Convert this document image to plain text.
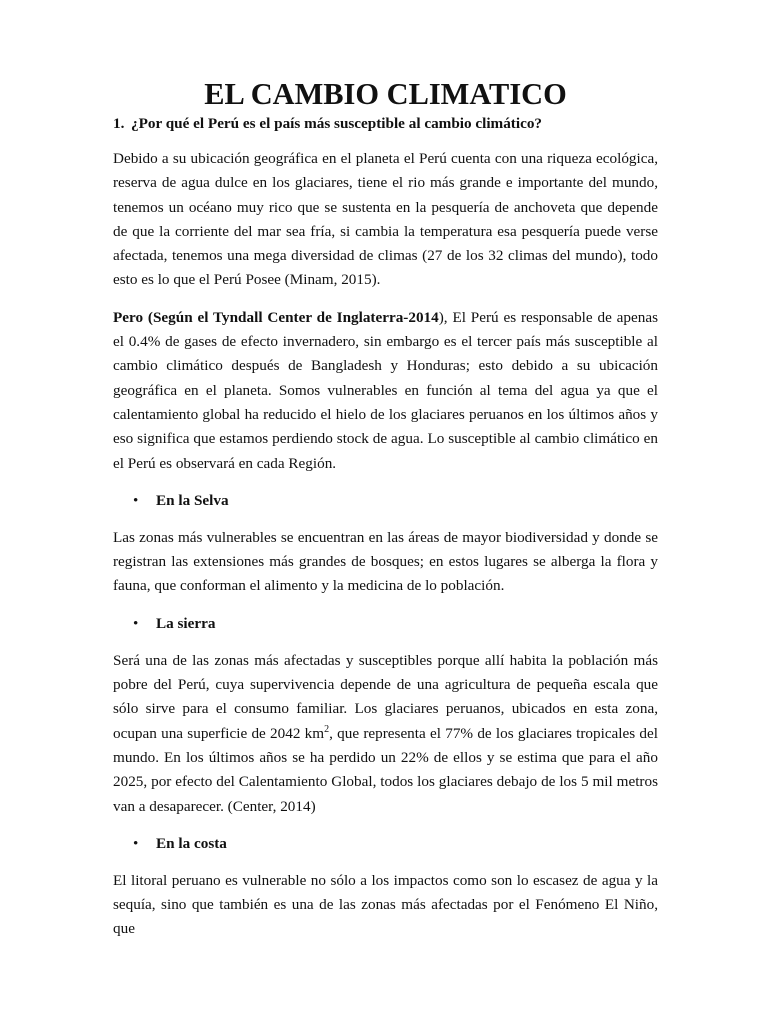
EL CAMBIO CLIMATICO

1. ¿Por qué el Perú es el país más susceptible al cambio climático?

Debido a su ubicación geográfica en el planeta el Perú cuenta con una riqueza ecológica, reserva de agua dulce en los glaciares, tiene el rio más grande e importante del mundo, tenemos un océano muy rico que se sustenta en la pesquería de anchoveta que depende de que la corriente del mar sea fría, si cambia la temperatura esa pesquería puede verse afectada, tenemos una mega diversidad de climas (27 de los 32 climas del mundo), todo esto es lo que el Perú Posee (Minam, 2015).

Pero (Según el Tyndall Center de Inglaterra-2014), El Perú es responsable de apenas el 0.4% de gases de efecto invernadero, sin embargo es el tercer país más susceptible al cambio climático después de Bangladesh y Honduras; esto debido a su ubicación geográfica en el planeta. Somos vulnerables en función al tema del agua ya que el calentamiento global ha reducido el hielo de los glaciares peruanos en los últimos años y eso significa que estamos perdiendo stock de agua. Lo susceptible al cambio climático en el Perú es observará en cada Región.

• En la Selva

Las zonas más vulnerables se encuentran en las áreas de mayor biodiversidad y donde se registran las extensiones más grandes de bosques; en estos lugares se alberga la flora y fauna, que conforman el alimento y la medicina de lo población.

• La sierra

Será una de las zonas más afectadas y susceptibles porque allí habita la población más pobre del Perú, cuya supervivencia depende de una agricultura de pequeña escala que sólo sirve para el consumo familiar. Los glaciares peruanos, ubicados en esta zona, ocupan una superficie de 2042 $km^2$, que representa el 77% de los glaciares tropicales del mundo. En los últimos años se ha perdido un 22% de ellos y se estima que para el año 2025, por efecto del Calentamiento Global, todos los glaciares debajo de los 5 mil metros van a desaparecer. (Center, 2014)

• En la costa

El litoral peruano es vulnerable no sólo a los impactos como son lo escasez de agua y la sequía, sino que también es una de las zonas más afectadas por el Fenómeno El Niño, que
